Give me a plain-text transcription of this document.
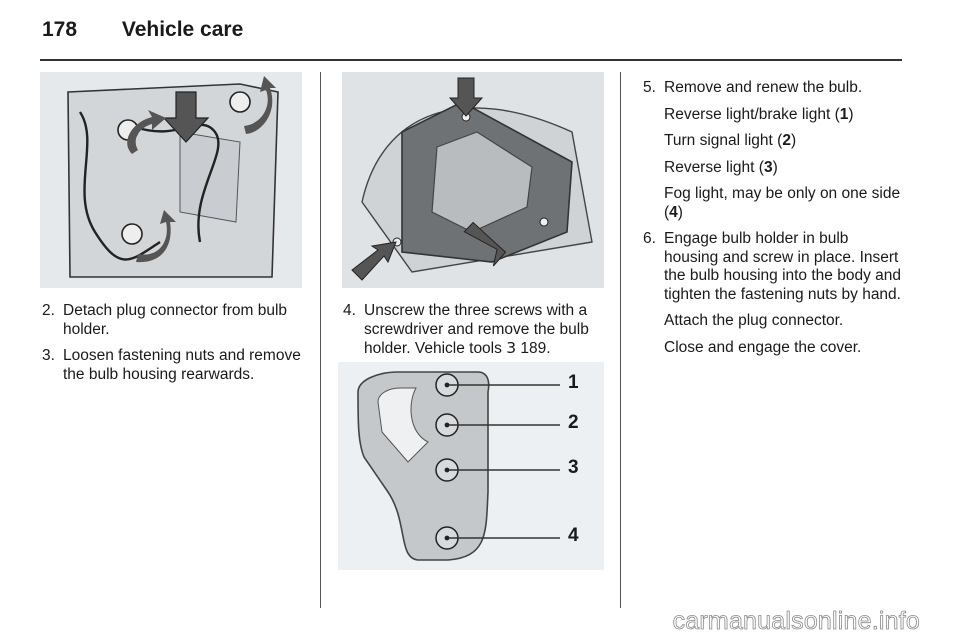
178 Vehicle care
1
2
3
4
2. Detach plug connector from bulb holder.
3. Loosen fastening nuts and remove the bulb housing rearwards.
4. Unscrew the three screws with a screwdriver and remove the bulb holder. Vehicle tools 3 189.
5. Remove and renew the bulb.
Reverse light/brake light (1)
Turn signal light (2)
Reverse light (3)
Fog light, may be only on one side (4)
6. Engage bulb holder in bulb housing and screw in place. Insert the bulb housing into the body and tighten the fastening nuts by hand.
Attach the plug connector.
Close and engage the cover.
carmanualsonline.info
